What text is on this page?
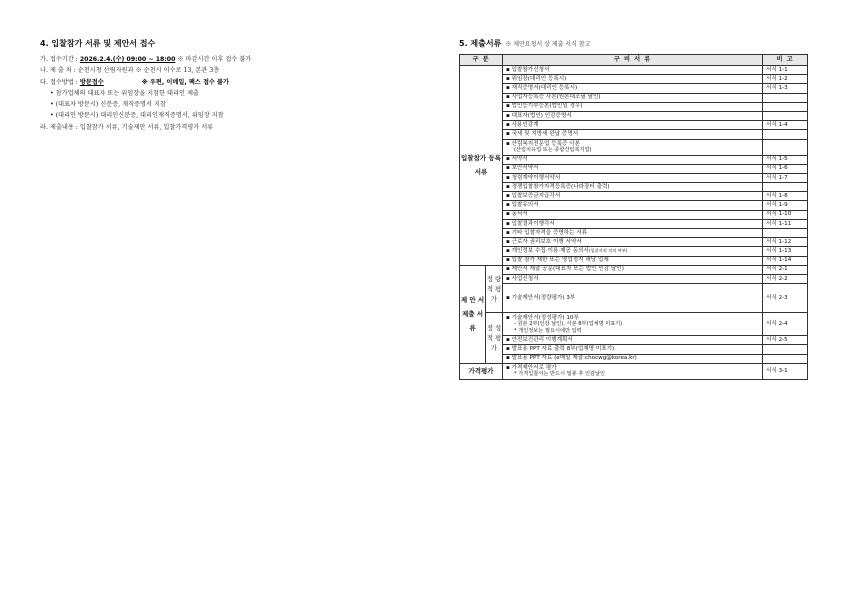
4. 입찰참가 서류 및 제안서 접수
가. 접수기간 : 2026.2.4.(수) 09:00 ~ 18:00 ※ 마감시간 이후 접수 불가
나. 제 출 처 : 순천시청 산림자원과 ※ 순천시 이수로 13, 본관 3층
다. 접수방법 : 방문접수	※ 우편, 이메일, 팩스 접수 불가
• 참가업체의 대표자 또는 위임장을 지참한 대리인 제출
• (대표자 방문시) 신분증, 재직증명서 지참
• (대리인 방문시) 대리인신분증, 대리인재직증명서, 위임장 지참
라. 제출내용 : 입찰참가 서류, 기술제안 서류, 입찰가격평가 서류
5. 제출서류 ※ 제안요청서 상 제출 서식 참고
구 분		구 비 서 류	비 고
입찰참가 등록서류		▪ 입찰참가신청서	서식 1-1
		▪ 위임장(대리인 등록시)	서식 1-2
		▪ 재직증명서(대리인 등록시)	서식 1-3
		▪ 사업자등록증 사본(원본대조필 날인)	
		▪ 법인등기부등본(법인일 경우)	
		▪ 대표자(법인) 인감증명서	
		▪ 사용인감계	서식 1-4
		▪ 국세 및 지방세 완납 증명서	
		▪ 산림복지전문업 등록증 사본
(산림치유업 또는 종합산림복지업)

		▪ 서약서	서식 1-5
		▪ 보안서약서	서식 1-6
		▪ 청렴계약이행서약서	서식 1-7
		▪ 경쟁입찰참가자격등록증(나라장터 출력)	
		▪ 입찰보증금지급각서	서식 1-8
		▪ 입찰유의서	서식 1-9
		▪ 동닉서	서식 1-10
		▪ 입찰결과이행각서	서식 1-11
		▪ 기타 입찰자격을 증명하는 서류	
		▪ 근로자 권리보호 이행 서약서	서식 1-12
		▪ 개인정보 수집·이용·제공 동의서(입찰자격 적격 여부)	서식 1-13
		▪ 입찰 참가 제한 또는 영업정지 해당 업체	서식 1-14
제 안 서 제출 서류	정 량 적 평 가	▪ 제안서 제출 공문(대표자 또는 법인 인감 날인)	서식 2-1
		▪ 사업신청서	서식 2-2
		▪ 기술제안서(정량평가) 3부	서식 2-3
	정 성 적 평 가	▪ 기술제안서(정성평가) 10부
- 원본 2부(인감 날인), 사본 8부(업체명 미표기)
* 개인정보는 필요시에만 입력	서식 2-4
		▪ 안전보건관리 이행계획서	서식 2-5
		▪ 발표용 PPT 자료 출력 8부(업체명 미표기)	
		▪ 발표용 PPT 자료 (e메일 제출:chocwg@korea.kr)	
가격평가		▪ 가격제안서로 평가
* 가격입찰서는 반드시 밀봉 후 인감날인	서식 3-1
